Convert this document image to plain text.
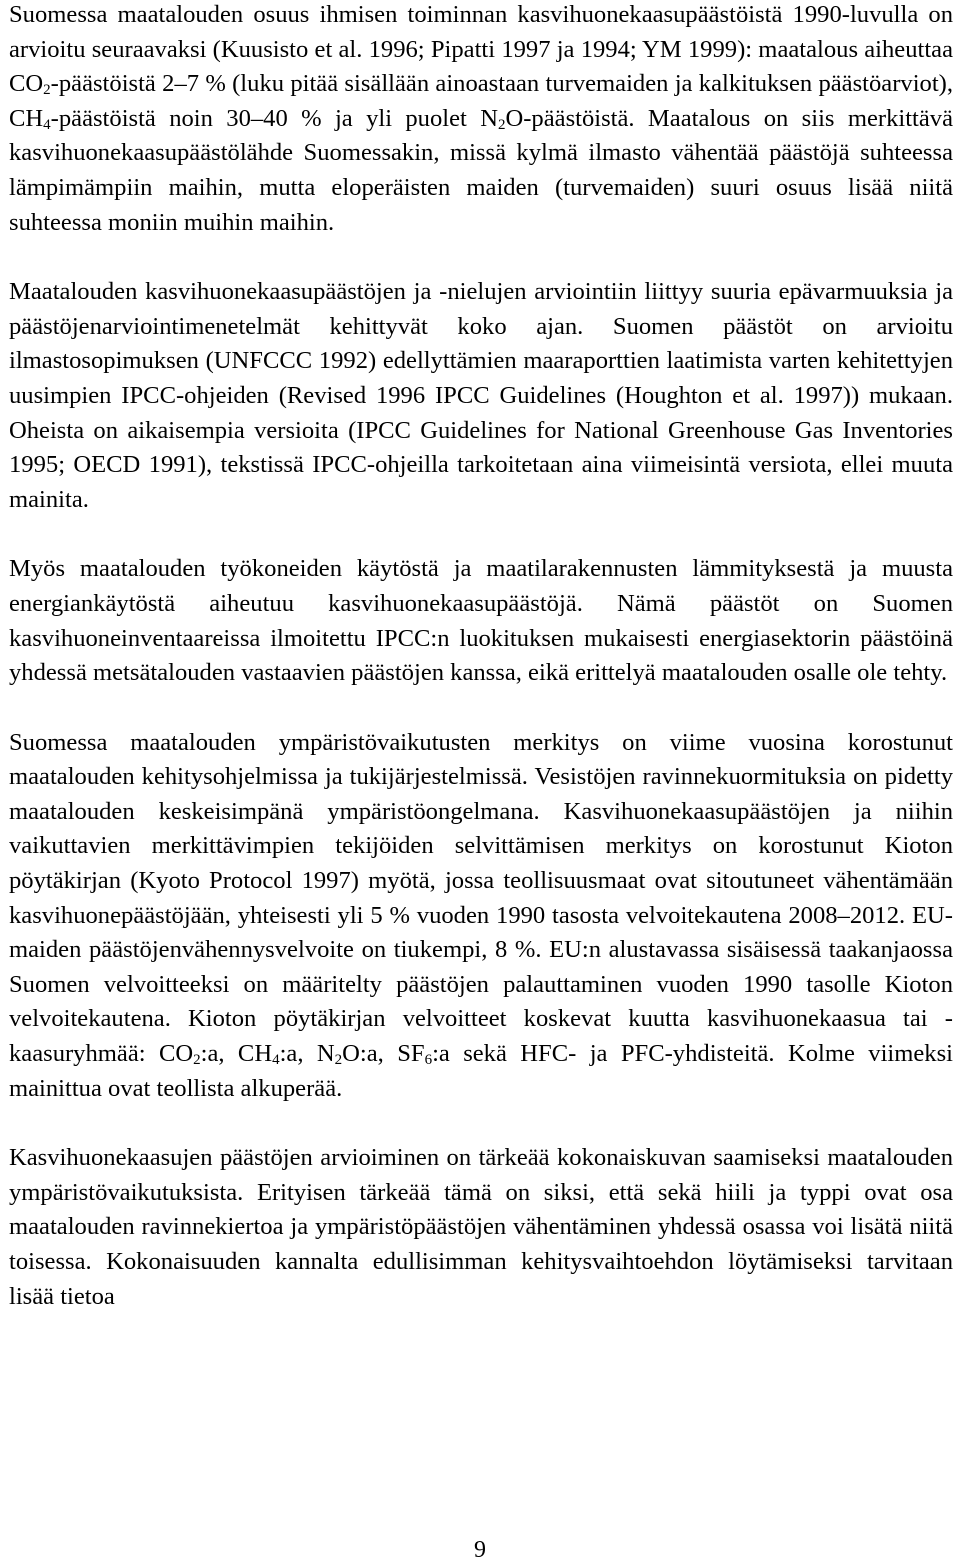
Suomessa maatalouden osuus ihmisen toiminnan kasvihuonekaasupäästöistä 1990-luvulla on arvioitu seuraavaksi (Kuusisto et al. 1996; Pipatti 1997 ja 1994; YM 1999): maatalous aiheuttaa $CO_2$-päästöistä 2–7 % (luku pitää sisällään ainoastaan turvemaiden ja kalkituksen päästöarviot), $CH_4$-päästöistä noin 30–40 % ja yli puolet $N_2O$-päästöistä. Maatalous on siis merkittävä kasvihuonekaasupäästölähde Suomessakin, missä kylmä ilmasto vähentää päästöjä suhteessa lämpimämpiin maihin, mutta eloperäisten maiden (turvemaiden) suuri osuus lisää niitä suhteessa moniin muihin maihin.

Maatalouden kasvihuonekaasupäästöjen ja -nielujen arviointiin liittyy suuria epävarmuuksia ja päästöjenarviointimenetelmät kehittyvät koko ajan. Suomen päästöt on arvioitu ilmastosopimuksen (UNFCCC 1992) edellyttämien maaraporttien laatimista varten kehitettyjen uusimpien IPCC-ohjeiden (Revised 1996 IPCC Guidelines (Houghton et al. 1997)) mukaan. Oheista on aikaisempia versioita (IPCC Guidelines for National Greenhouse Gas Inventories 1995; OECD 1991), tekstissä IPCC-ohjeilla tarkoitetaan aina viimeisintä versiota, ellei muuta mainita.

Myös maatalouden työkoneiden käytöstä ja maatilarakennusten lämmityksestä ja muusta energiankäytöstä aiheutuu kasvihuonekaasupäästöjä. Nämä päästöt on Suomen kasvihuoneinventaareissa ilmoitettu IPCC:n luokituksen mukaisesti energiasektorin päästöinä yhdessä metsätalouden vastaavien päästöjen kanssa, eikä erittelyä maatalouden osalle ole tehty.

Suomessa maatalouden ympäristövaikutusten merkitys on viime vuosina korostunut maatalouden kehitysohjelmissa ja tukijärjestelmissä. Vesistöjen ravinnekuormituksia on pidetty maatalouden keskeisimpänä ympäristöongelmana. Kasvihuonekaasupäästöjen ja niihin vaikuttavien merkittävimpien tekijöiden selvittämisen merkitys on korostunut Kioton pöytäkirjan (Kyoto Protocol 1997) myötä, jossa teollisuusmaat ovat sitoutuneet vähentämään kasvihuonepäästöjään, yhteisesti yli 5 % vuoden 1990 tasosta velvoitekautena 2008–2012. EU-maiden päästöjenvähennysvelvoite on tiukempi, 8 %. EU:n alustavassa sisäisessä taakanjaossa Suomen velvoitteeksi on määritelty päästöjen palauttaminen vuoden 1990 tasolle Kioton velvoitekautena. Kioton pöytäkirjan velvoitteet koskevat kuutta kasvihuonekaasua tai -kaasuryhmää: $CO_2:a$, $CH_4:a$, $N_2O:a$, $SF_6:a$ sekä HFC- ja PFC-yhdisteitä. Kolme viimeksi mainittua ovat teollista alkuperää.

Kasvihuonekaasujen päästöjen arvioiminen on tärkeää kokonaiskuvan saamiseksi maatalouden ympäristövaikutuksista. Erityisen tärkeää tämä on siksi, että sekä hiili ja typpi ovat osa maatalouden ravinnekiertoa ja ympäristöpäästöjen vähentäminen yhdessä osassa voi lisätä niitä toisessa. Kokonaisuuden kannalta edullisimman kehitysvaihtoehdon löytämiseksi tarvitaan lisää tietoa

9
